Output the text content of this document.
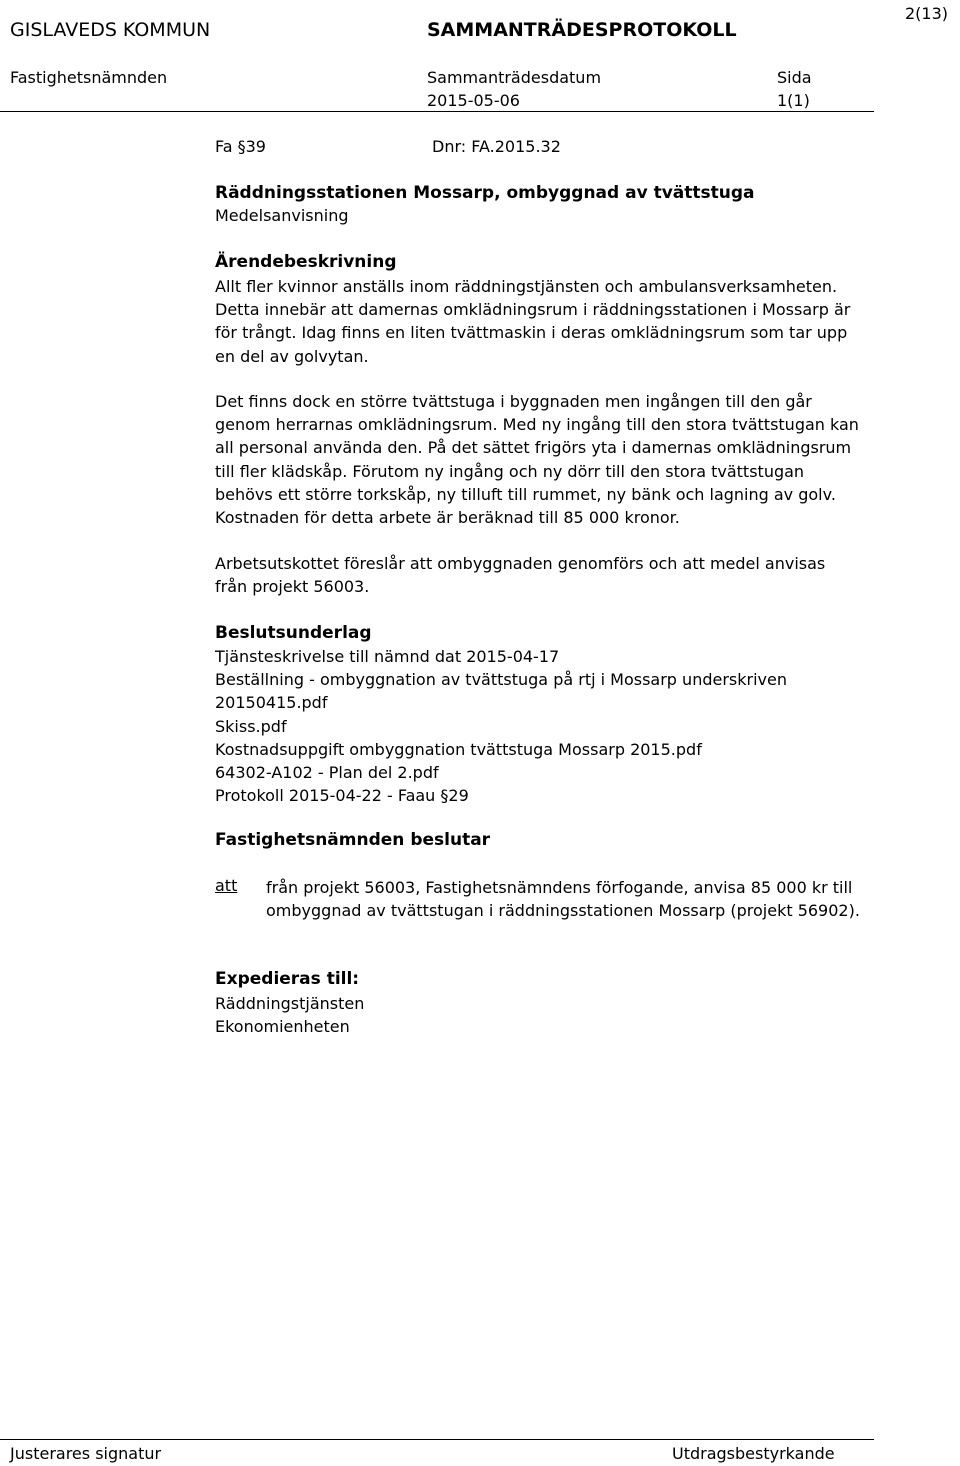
2(13)
GISLAVEDS KOMMUN	SAMMANTRÄDESPROTOKOLL
Fastighetsnämnden	Sammanträdesdatum
2015-05-06
Sida
1(1)
Fa §39	Dnr: FA.2015.32
Räddningsstationen Mossarp, ombyggnad av tvättstuga
Medelsanvisning
Ärendebeskrivning
Allt fler kvinnor anställs inom räddningstjänsten och ambulansverksamheten.
Detta innebär att damernas omklädningsrum i räddningsstationen i Mossarp är
för trångt. Idag finns en liten tvättmaskin i deras omklädningsrum som tar upp
en del av golvytan.
Det finns dock en större tvättstuga i byggnaden men ingången till den går
genom herrarnas omklädningsrum. Med ny ingång till den stora tvättstugan kan
all personal använda den. På det sättet frigörs yta i damernas omklädningsrum
till fler klädskåp. Förutom ny ingång och ny dörr till den stora tvättstugan
behövs ett större torkskåp, ny tilluft till rummet, ny bänk och lagning av golv.
Kostnaden för detta arbete är beräknad till 85 000 kronor.
Arbetsutskottet föreslår att ombyggnaden genomförs och att medel anvisas
från projekt 56003.
Beslutsunderlag
Tjänsteskrivelse till nämnd dat 2015-04-17
Beställning - ombyggnation av tvättstuga på rtj i Mossarp underskriven
20150415.pdf
Skiss.pdf
Kostnadsuppgift ombyggnation tvättstuga Mossarp 2015.pdf
64302-A102 - Plan del 2.pdf
Protokoll 2015-04-22 - Faau §29
Fastighetsnämnden beslutar
att från projekt 56003, Fastighetsnämndens förfogande, anvisa 85 000 kr till
ombyggnad av tvättstugan i räddningsstationen Mossarp (projekt 56902).
Expedieras till:
Räddningstjänsten
Ekonomienheten
Justerares signatur	Utdragsbestyrkande
